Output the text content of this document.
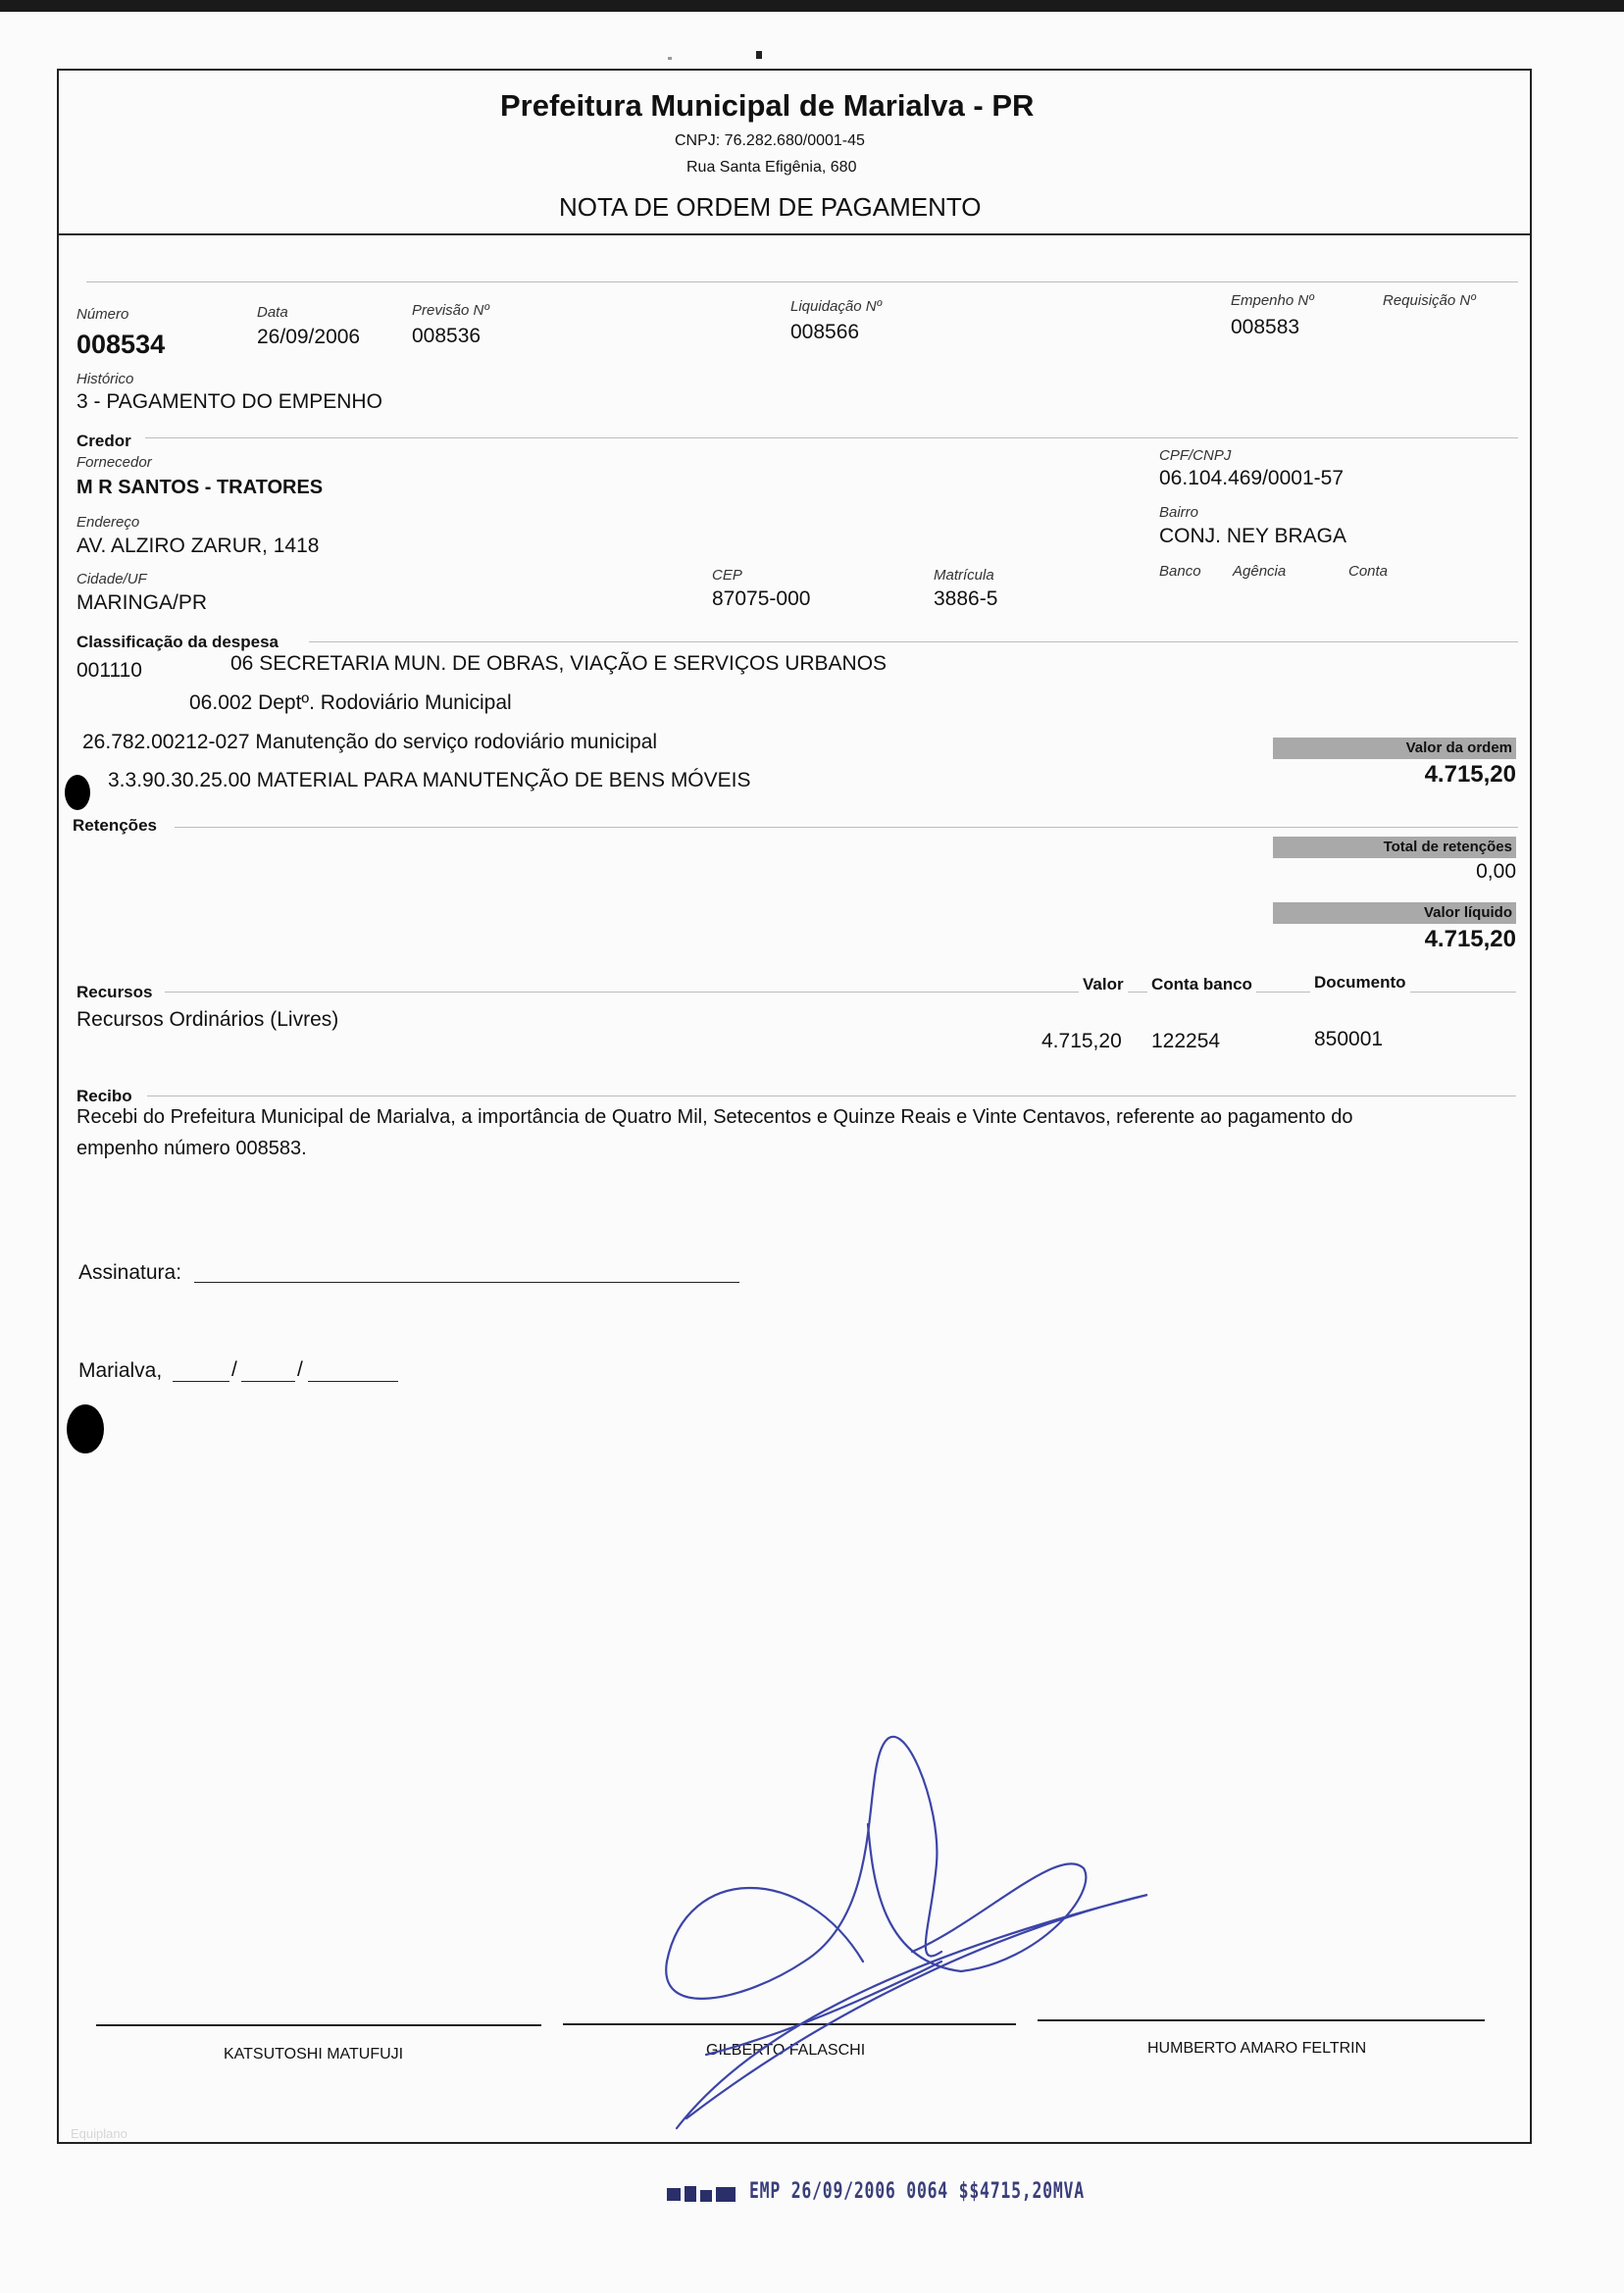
Prefeitura Municipal de Marialva - PR
CNPJ: 76.282.680/0001-45
Rua Santa Efigênia, 680
NOTA DE ORDEM DE PAGAMENTO
Número
008534
Data
26/09/2006
Previsão Nº
008536
Liquidação Nº
008566
Empenho Nº
008583
Requisição Nº
Histórico
3 - PAGAMENTO DO EMPENHO
Credor
Fornecedor
M R SANTOS - TRATORES
CPF/CNPJ
06.104.469/0001-57
Endereço
AV. ALZIRO ZARUR, 1418
Bairro
CONJ. NEY BRAGA
Cidade/UF
MARINGA/PR
CEP
87075-000
Matrícula
3886-5
Banco Agência	Conta
Classificação da despesa
001110	06 SECRETARIA MUN. DE OBRAS, VIAÇÃO E SERVIÇOS URBANOS
06.002 Deptº. Rodoviário Municipal
26.782.00212-027 Manutenção do serviço rodoviário municipal
3.3.90.30.25.00 MATERIAL PARA MANUTENÇÃO DE BENS MÓVEIS
Valor da ordem
4.715,20
Retenções
Total de retenções
0,00
Valor líquido
4.715,20
Recursos	Valor Conta banco	Documento
Recursos Ordinários (Livres)
4.715,20 122254	850001
Recibo
Recebi do Prefeitura Municipal de Marialva, a importância de Quatro Mil, Setecentos e Quinze Reais e Vinte Centavos, referente ao pagamento do
empenho número 008583.
Assinatura:
Marialva,	/	/
KATSUTOSHI MATUFUJI	GILBERTO FALASCHI	HUMBERTO AMARO FELTRIN
Equiplano
EMP 26/09/2006 0064 $$4715,20MVA
